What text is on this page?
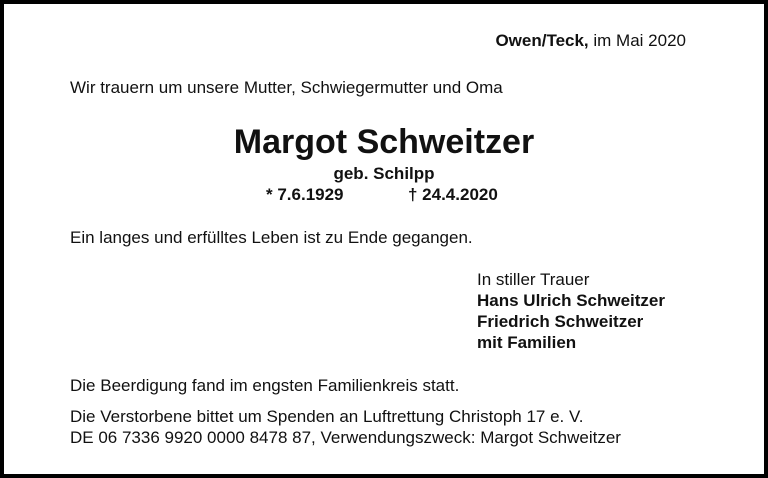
Owen/Teck, im Mai 2020
Wir trauern um unsere Mutter, Schwiegermutter und Oma
Margot Schweitzer
geb. Schilpp
* 7.6.1929	† 24.4.2020
Ein langes und erfülltes Leben ist zu Ende gegangen.
In stiller Trauer
Hans Ulrich Schweitzer
Friedrich Schweitzer
mit Familien
Die Beerdigung fand im engsten Familienkreis statt.
Die Verstorbene bittet um Spenden an Luftrettung Christoph 17 e. V.
DE 06 7336 9920 0000 8478 87, Verwendungszweck: Margot Schweitzer
